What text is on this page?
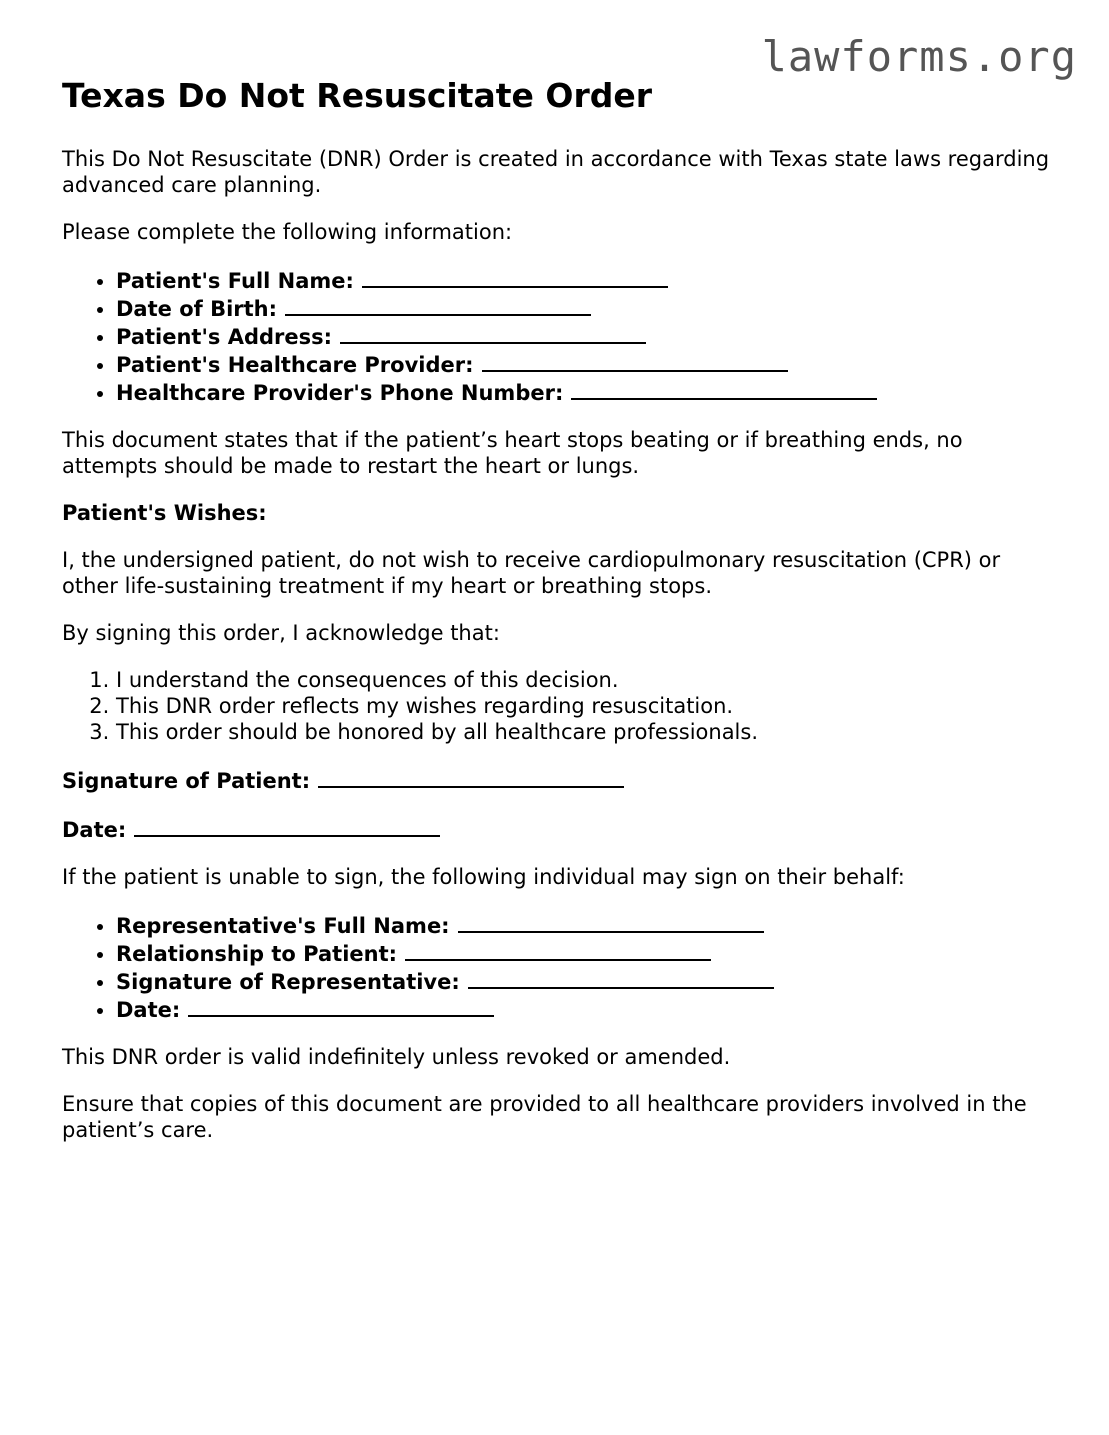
lawforms.org
Texas Do Not Resuscitate Order

This Do Not Resuscitate (DNR) Order is created in accordance with Texas state laws regarding advanced care planning.

Please complete the following information:

• Patient's Full Name:
• Date of Birth:
• Patient's Address:
• Patient's Healthcare Provider:
• Healthcare Provider's Phone Number:

This document states that if the patient’s heart stops beating or if breathing ends, no attempts should be made to restart the heart or lungs.

Patient's Wishes:

I, the undersigned patient, do not wish to receive cardiopulmonary resuscitation (CPR) or other life-sustaining treatment if my heart or breathing stops.

By signing this order, I acknowledge that:

1. I understand the consequences of this decision.
2. This DNR order reflects my wishes regarding resuscitation.
3. This order should be honored by all healthcare professionals.

Signature of Patient:

Date:

If the patient is unable to sign, the following individual may sign on their behalf:

• Representative's Full Name:
• Relationship to Patient:
• Signature of Representative:
• Date:

This DNR order is valid indefinitely unless revoked or amended.

Ensure that copies of this document are provided to all healthcare providers involved in the patient’s care.
